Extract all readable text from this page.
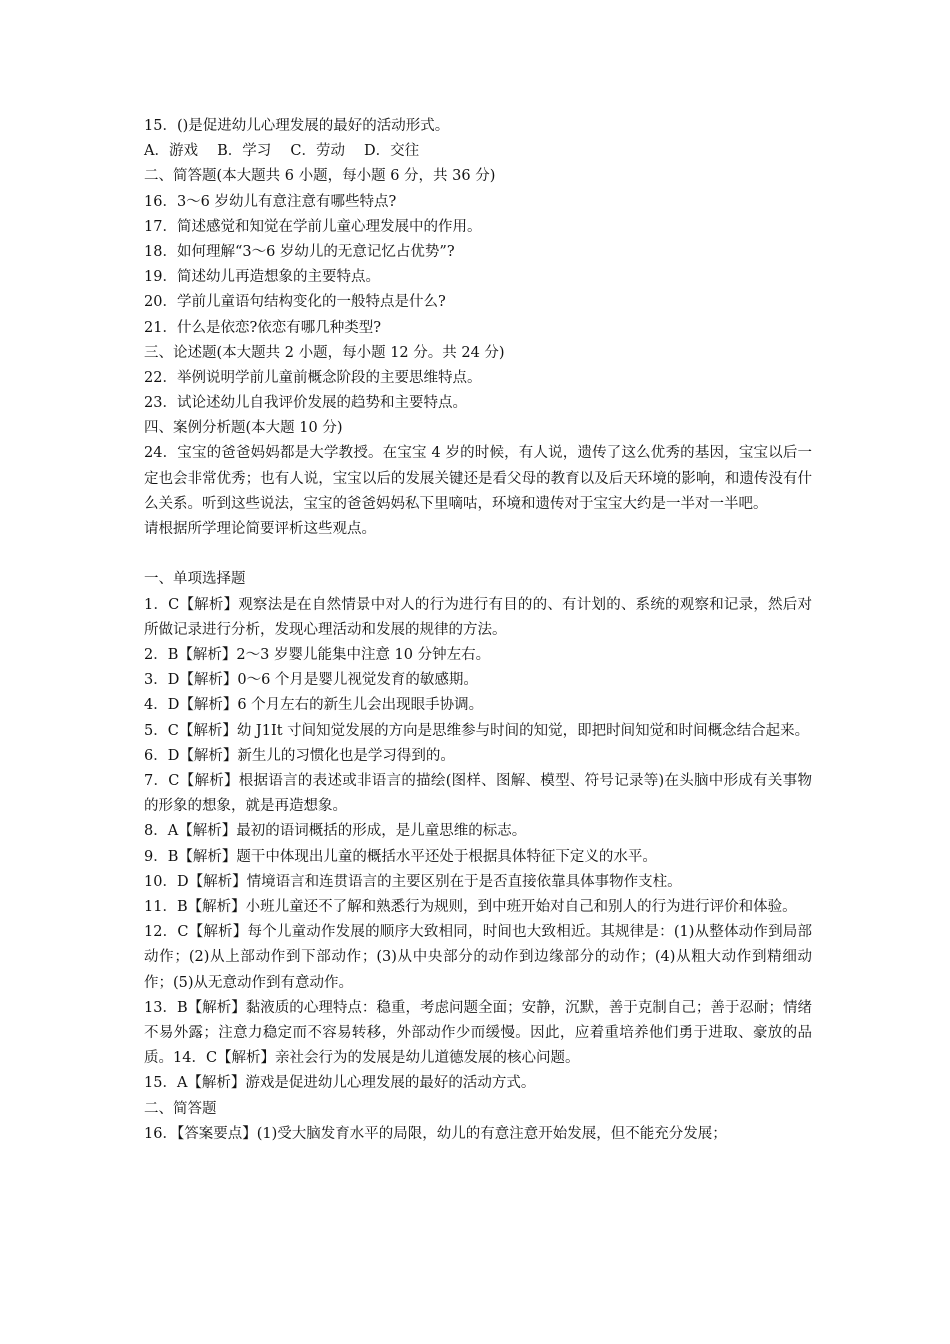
15．()是促进幼儿心理发展的最好的活动形式。
A．游戏　 B．学习　 C．劳动　 D．交往
二、简答题(本大题共 6 小题，每小题 6 分，共 36 分)
16．3～6 岁幼儿有意注意有哪些特点?
17．简述感觉和知觉在学前儿童心理发展中的作用。
18．如何理解“3～6 岁幼儿的无意记忆占优势”?
19．简述幼儿再造想象的主要特点。
20．学前儿童语句结构变化的一般特点是什么?
21．什么是依恋?依恋有哪几种类型?
三、论述题(本大题共 2 小题，每小题 12 分。共 24 分)
22．举例说明学前儿童前概念阶段的主要思维特点。
23．试论述幼儿自我评价发展的趋势和主要特点。
四、案例分析题(本大题 10 分)
24．宝宝的爸爸妈妈都是大学教授。在宝宝 4 岁的时候，有人说，遗传了这么优秀的基因，宝宝以后一定也会非常优秀；也有人说，宝宝以后的发展关键还是看父母的教育以及后天环境的影响，和遗传没有什么关系。听到这些说法，宝宝的爸爸妈妈私下里嘀咕，环境和遗传对于宝宝大约是一半对一半吧。
请根据所学理论简要评析这些观点。
一、单项选择题
1．C【解析】观察法是在自然情景中对人的行为进行有目的的、有计划的、系统的观察和记录，然后对所做记录进行分析，发现心理活动和发展的规律的方法。
2．B【解析】2～3 岁婴儿能集中注意 10 分钟左右。
3．D【解析】0～6 个月是婴儿视觉发育的敏感期。
4．D【解析】6 个月左右的新生儿会出现眼手协调。
5．C【解析】幼 J1It 寸间知觉发展的方向是思维参与时间的知觉，即把时间知觉和时间概念结合起来。
6．D【解析】新生儿的习惯化也是学习得到的。
7．C【解析】根据语言的表述或非语言的描绘(图样、图解、模型、符号记录等)在头脑中形成有关事物的形象的想象，就是再造想象。
8．A【解析】最初的语词概括的形成，是儿童思维的标志。
9．B【解析】题干中体现出儿童的概括水平还处于根据具体特征下定义的水平。
10．D【解析】情境语言和连贯语言的主要区别在于是否直接依靠具体事物作支柱。
11．B【解析】小班儿童还不了解和熟悉行为规则，到中班开始对自己和别人的行为进行评价和体验。
12．C【解析】每个儿童动作发展的顺序大致相同，时间也大致相近。其规律是：(1)从整体动作到局部动作；(2)从上部动作到下部动作；(3)从中央部分的动作到边缘部分的动作；(4)从粗大动作到精细动作；(5)从无意动作到有意动作。
13．B【解析】黏液质的心理特点：稳重，考虑问题全面；安静，沉默，善于克制自己；善于忍耐；情绪不易外露；注意力稳定而不容易转移，外部动作少而缓慢。因此，应着重培养他们勇于进取、豪放的品质。14．C【解析】亲社会行为的发展是幼儿道德发展的核心问题。
15．A【解析】游戏是促进幼儿心理发展的最好的活动方式。
二、简答题
16．【答案要点】(1)受大脑发育水平的局限，幼儿的有意注意开始发展，但不能充分发展；
